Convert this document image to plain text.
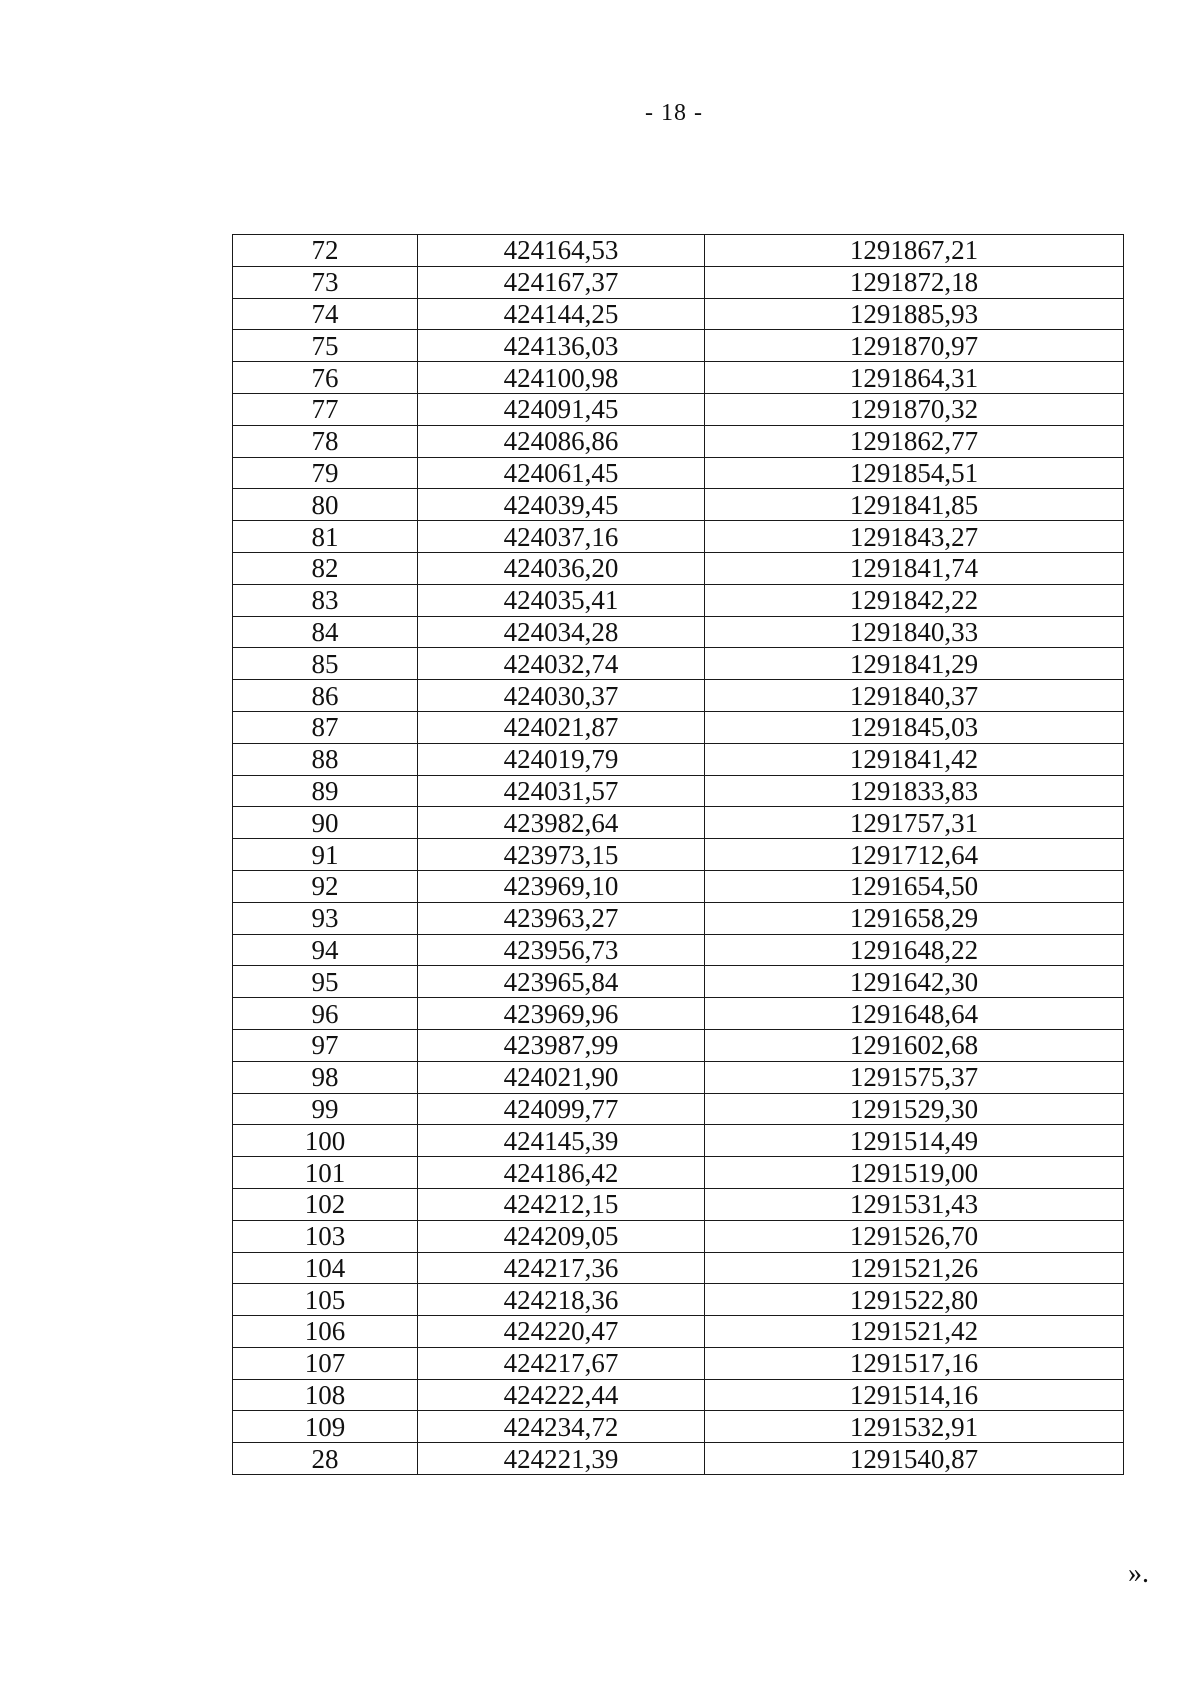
- 18 -
72	424164,53	1291867,21
73	424167,37	1291872,18
74	424144,25	1291885,93
75	424136,03	1291870,97
76	424100,98	1291864,31
77	424091,45	1291870,32
78	424086,86	1291862,77
79	424061,45	1291854,51
80	424039,45	1291841,85
81	424037,16	1291843,27
82	424036,20	1291841,74
83	424035,41	1291842,22
84	424034,28	1291840,33
85	424032,74	1291841,29
86	424030,37	1291840,37
87	424021,87	1291845,03
88	424019,79	1291841,42
89	424031,57	1291833,83
90	423982,64	1291757,31
91	423973,15	1291712,64
92	423969,10	1291654,50
93	423963,27	1291658,29
94	423956,73	1291648,22
95	423965,84	1291642,30
96	423969,96	1291648,64
97	423987,99	1291602,68
98	424021,90	1291575,37
99	424099,77	1291529,30
100	424145,39	1291514,49
101	424186,42	1291519,00
102	424212,15	1291531,43
103	424209,05	1291526,70
104	424217,36	1291521,26
105	424218,36	1291522,80
106	424220,47	1291521,42
107	424217,67	1291517,16
108	424222,44	1291514,16
109	424234,72	1291532,91
28	424221,39	1291540,87
».
